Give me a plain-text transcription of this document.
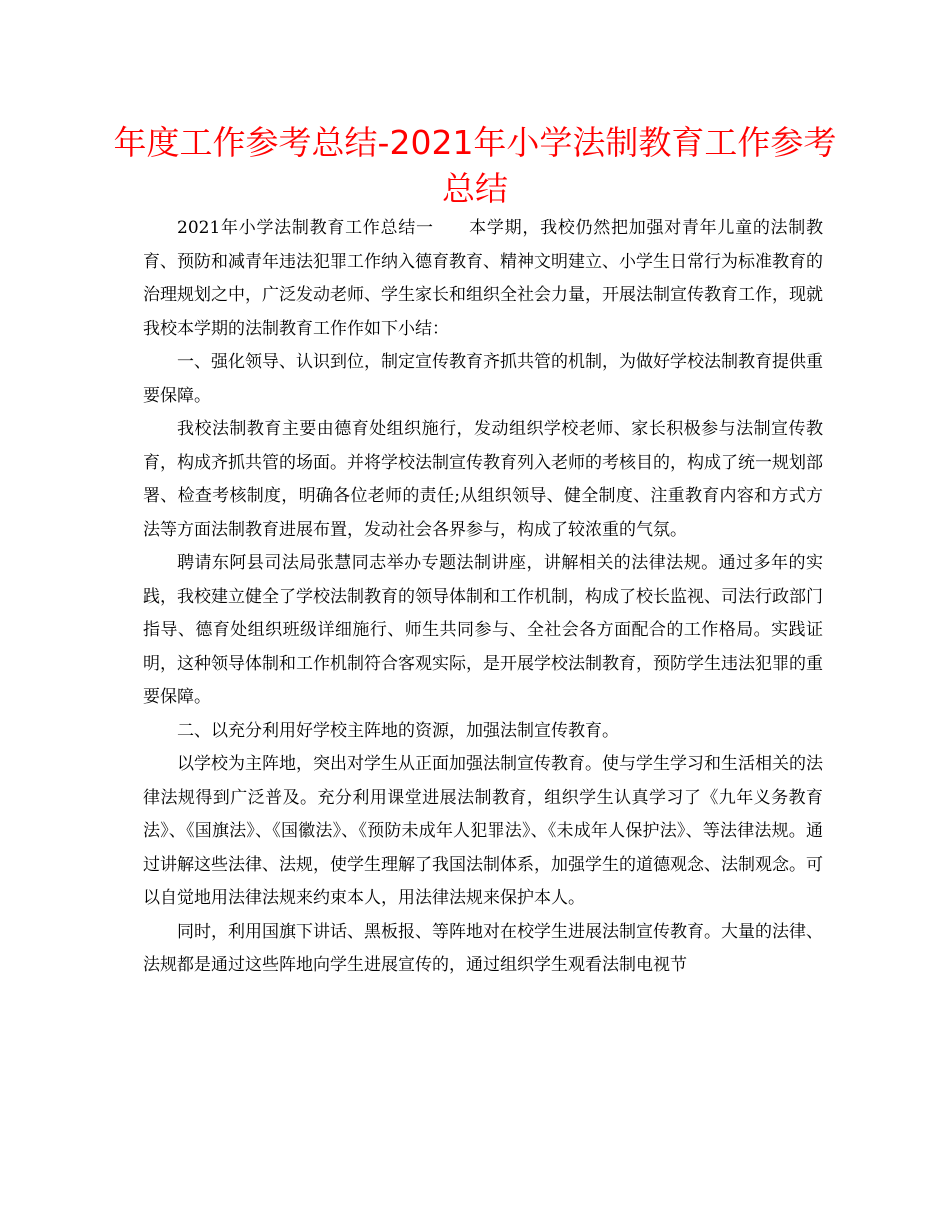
年度工作参考总结-2021年小学法制教育工作参考总结

2021年小学法制教育工作总结一　　本学期，我校仍然把加强对青年儿童的法制教育、预防和减青年违法犯罪工作纳入德育教育、精神文明建立、小学生日常行为标准教育的治理规划之中，广泛发动老师、学生家长和组织全社会力量，开展法制宣传教育工作，现就我校本学期的法制教育工作作如下小结：

一、强化领导、认识到位，制定宣传教育齐抓共管的机制，为做好学校法制教育提供重要保障。

我校法制教育主要由德育处组织施行，发动组织学校老师、家长积极参与法制宣传教育，构成齐抓共管的场面。并将学校法制宣传教育列入老师的考核目的，构成了统一规划部署、检查考核制度，明确各位老师的责任;从组织领导、健全制度、注重教育内容和方式方法等方面法制教育进展布置，发动社会各界参与，构成了较浓重的气氛。

聘请东阿县司法局张慧同志举办专题法制讲座，讲解相关的法律法规。通过多年的实践，我校建立健全了学校法制教育的领导体制和工作机制，构成了校长监视、司法行政部门指导、德育处组织班级详细施行、师生共同参与、全社会各方面配合的工作格局。实践证明，这种领导体制和工作机制符合客观实际，是开展学校法制教育，预防学生违法犯罪的重要保障。

二、以充分利用好学校主阵地的资源，加强法制宣传教育。

以学校为主阵地，突出对学生从正面加强法制宣传教育。使与学生学习和生活相关的法律法规得到广泛普及。充分利用课堂进展法制教育，组织学生认真学习了《九年义务教育法》、《国旗法》、《国徽法》、《预防未成年人犯罪法》、《未成年人保护法》、等法律法规。通过讲解这些法律、法规，使学生理解了我国法制体系，加强学生的道德观念、法制观念。可以自觉地用法律法规来约束本人，用法律法规来保护本人。

同时，利用国旗下讲话、黑板报、等阵地对在校学生进展法制宣传教育。大量的法律、法规都是通过这些阵地向学生进展宣传的，通过组织学生观看法制电视节
